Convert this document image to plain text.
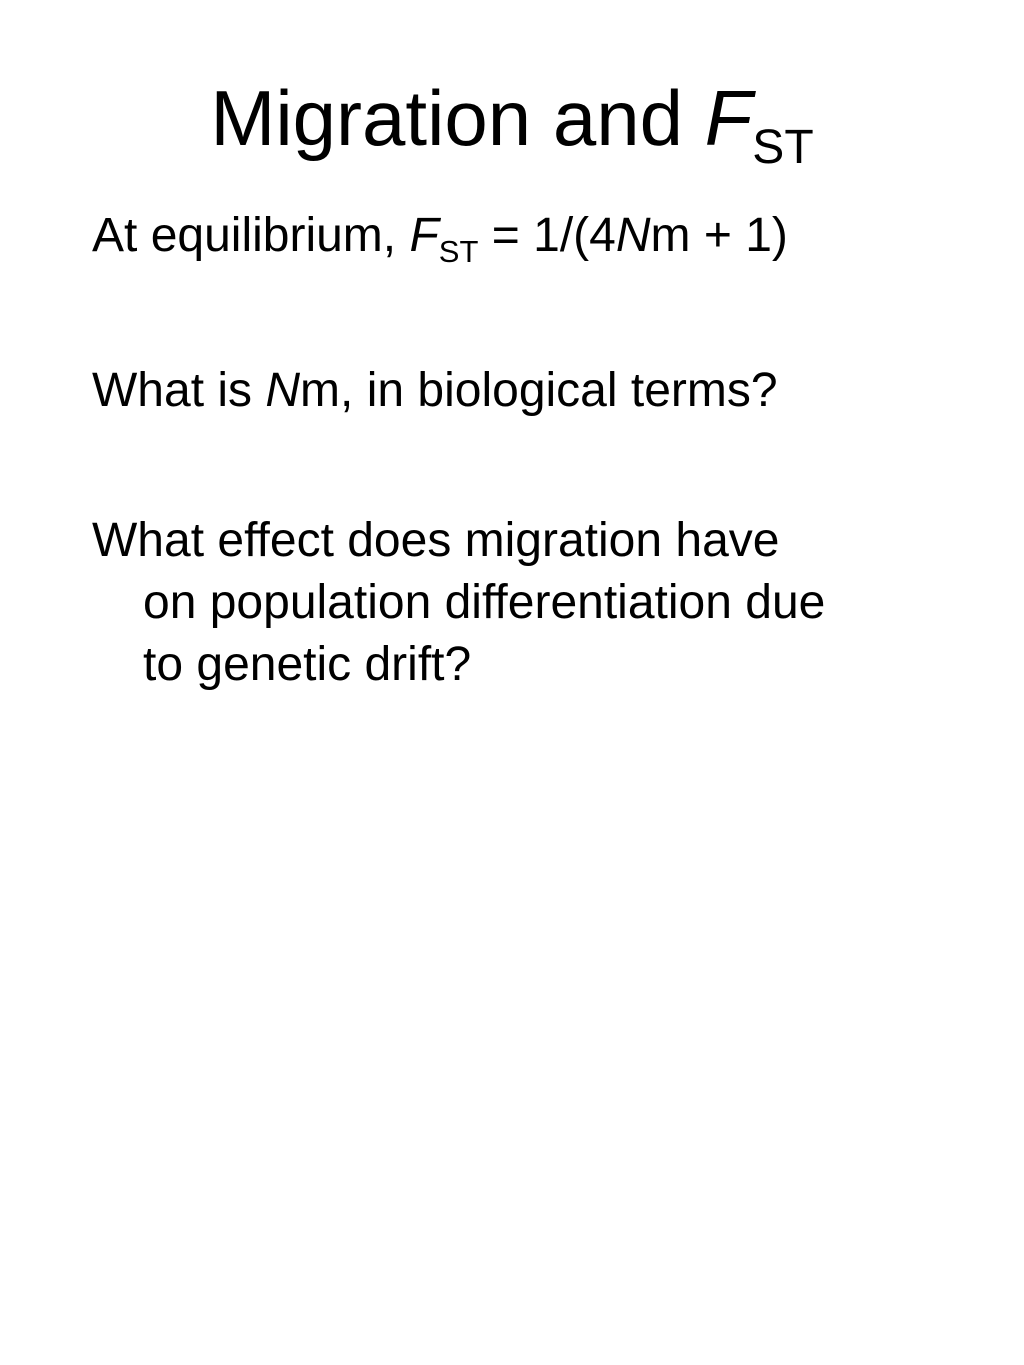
Migration and $F_{ST}$

At equilibrium, $F_{ST} = 1/(4Nm + 1)$

What is Nm, in biological terms?

What effect does migration have
on population differentiation due
to genetic drift?
